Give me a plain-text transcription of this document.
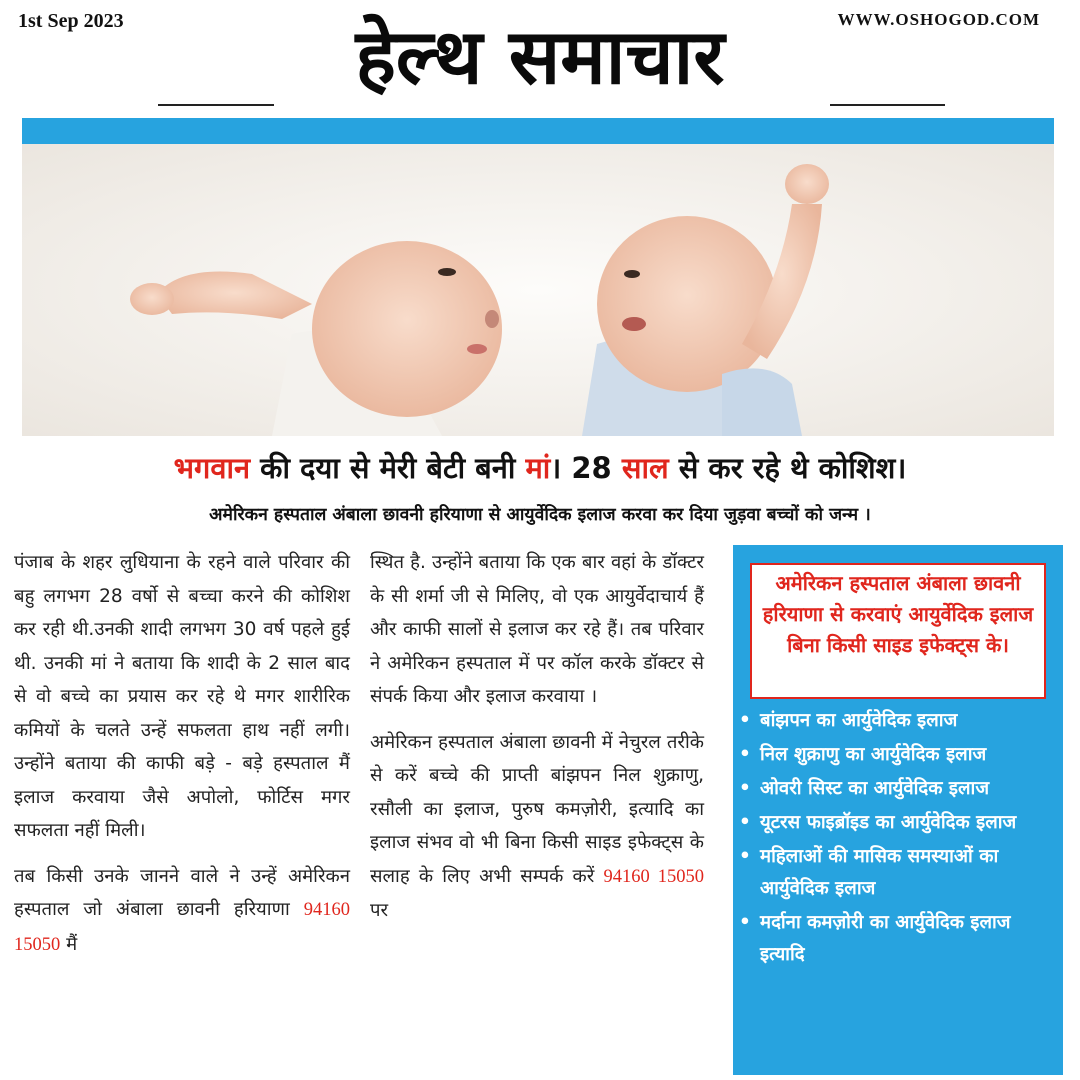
1st Sep 2023	WWW.OSHOGOD.COM
हेल्थ समाचार
भगवान की दया से मेरी बेटी बनी मां। 28 साल से कर रहे थे कोशिश।
अमेरिकन हस्पताल अंबाला छावनी हरियाणा से आयुर्वेदिक इलाज करवा कर दिया जुड़वा बच्चों को जन्म ।

पंजाब के शहर लुधियाना के रहने वाले परिवार की बहु लगभग 28 वर्षो से बच्चा करने की कोशिश कर रही थी.उनकी शादी लगभग 30 वर्ष पहले हुई थी. उनकी मां ने बताया कि शादी के 2 साल बाद से वो बच्चे का प्रयास कर रहे थे मगर शारीरिक कमियों के चलते उन्हें सफलता हाथ नहीं लगी। उन्होंने बताया की काफी बड़े - बड़े हस्पताल मैं इलाज करवाया जैसे अपोलो, फोर्टिस मगर सफलता नहीं मिली।

तब किसी उनके जानने वाले ने उन्हें अमेरिकन हस्पताल जो अंबाला छावनी हरियाणा 94160 15050 मैं

स्थित है. उन्होंने बताया कि एक बार वहां के डॉक्टर के सी शर्मा जी से मिलिए, वो एक आयुर्वेदाचार्य हैं और काफी सालों से इलाज कर रहे हैं। तब परिवार ने अमेरिकन हस्पताल में पर कॉल करके डॉक्टर से संपर्क किया और इलाज करवाया ।

अमेरिकन हस्पताल अंबाला छावनी में नेचुरल तरीके से करें बच्चे की प्राप्ती बांझपन निल शुक्राणु, रसौली का इलाज, पुरुष कमज़ोरी, इत्यादि का इलाज संभव वो भी बिना किसी साइड इफेक्ट्स के सलाह के लिए अभी सम्पर्क करें 94160 15050 पर

अमेरिकन हस्पताल अंबाला छावनी हरियाणा से करवाएं आयुर्वेदिक इलाज बिना किसी साइड इफेक्ट्स के।
• बांझपन का आर्युवेदिक इलाज
• निल शुक्राणु का आर्युवेदिक इलाज
• ओवरी सिस्ट का आर्युवेदिक इलाज
• यूटरस फाइब्रॉइड का आर्युवेदिक इलाज
• महिलाओं की मासिक समस्याओं का आर्युवेदिक इलाज
• मर्दाना कमज़ोरी का आर्युवेदिक इलाज इत्यादि
